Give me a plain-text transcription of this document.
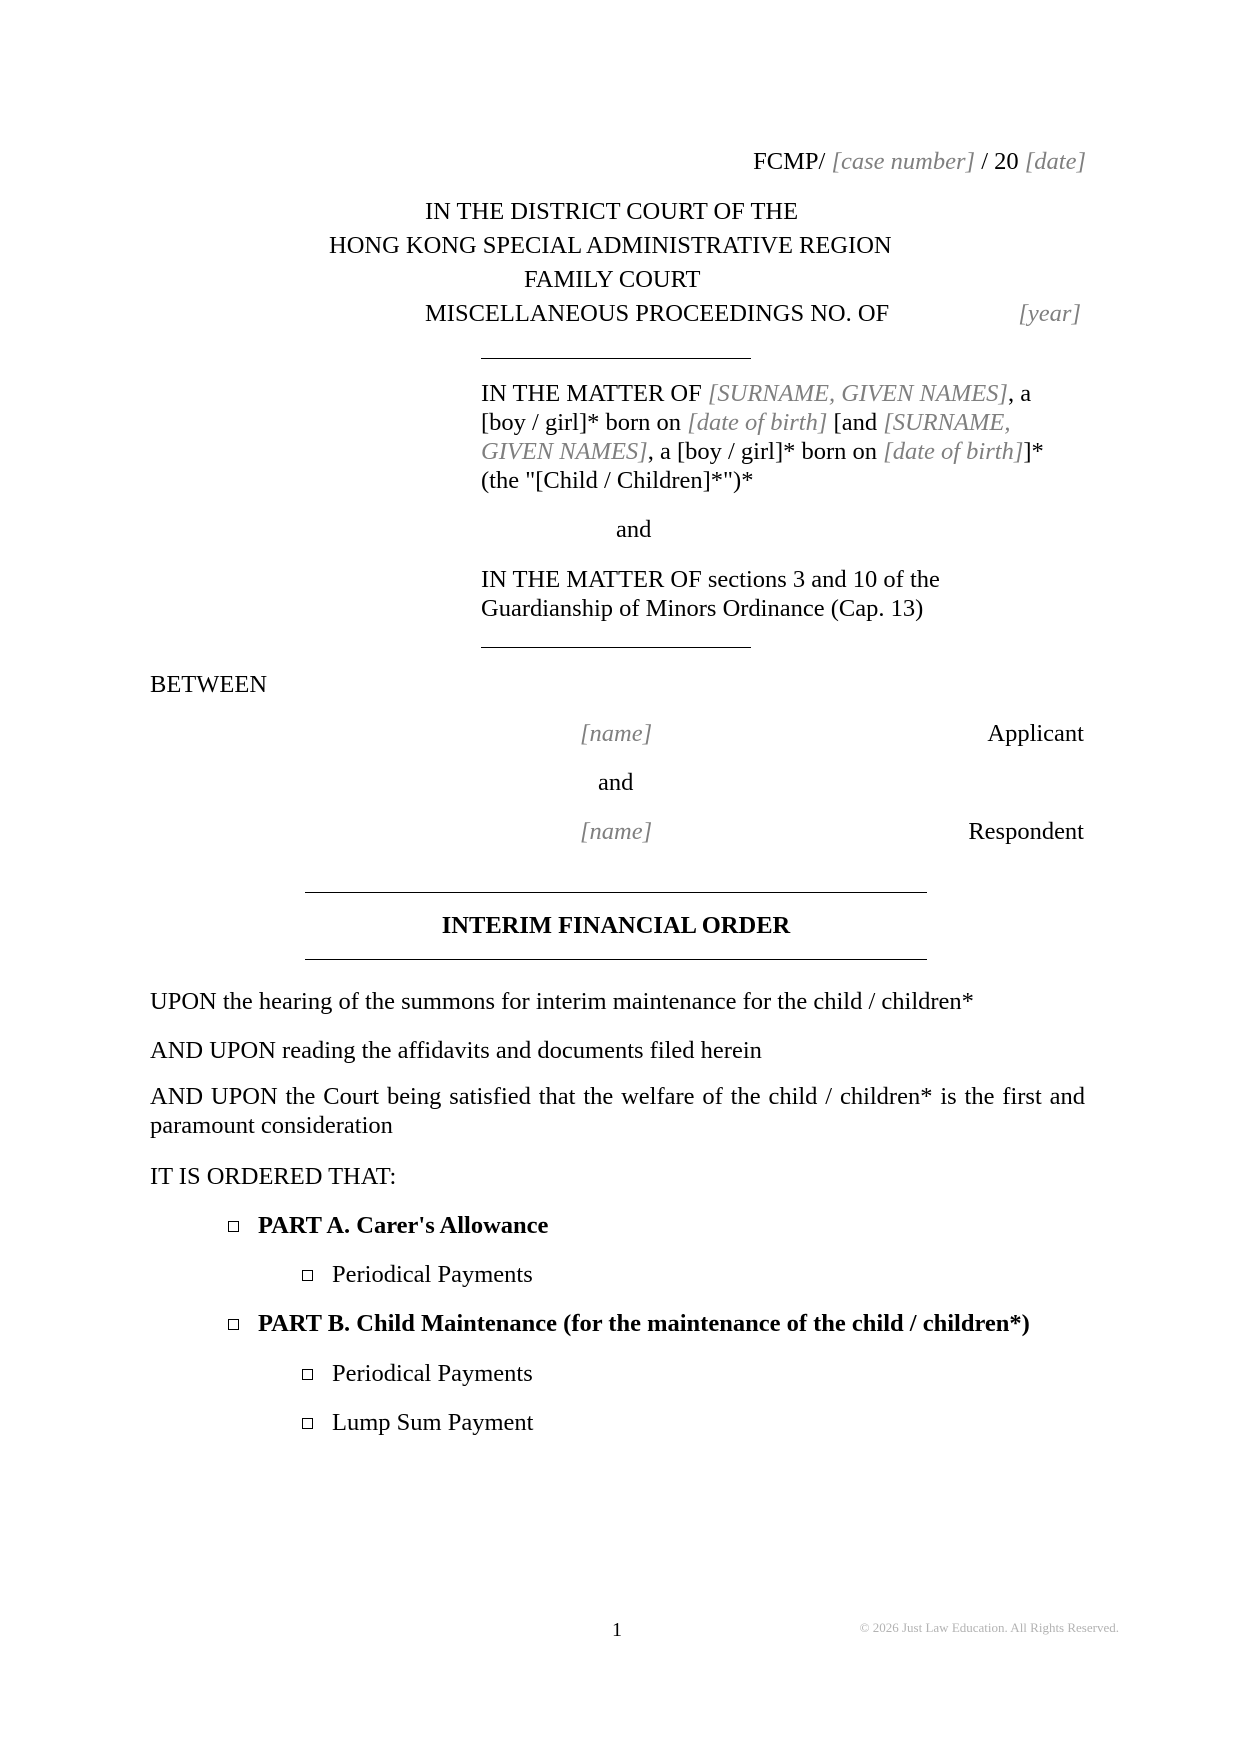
FCMP/ [case number] / 20 [date]
IN THE DISTRICT COURT OF THE
HONG KONG SPECIAL ADMINISTRATIVE REGION
FAMILY COURT
MISCELLANEOUS PROCEEDINGS NO. OF	[year]
IN THE MATTER OF [SURNAME, GIVEN NAMES], a
[boy / girl]* born on [date of birth] [and [SURNAME,
GIVEN NAMES], a [boy / girl]* born on [date of birth]]*
(the "[Child / Children]*")*
and
IN THE MATTER OF sections 3 and 10 of the
Guardianship of Minors Ordinance (Cap. 13)
BETWEEN
[name]	Applicant
and
[name]	Respondent
INTERIM FINANCIAL ORDER
UPON the hearing of the summons for interim maintenance for the child / children*
AND UPON reading the affidavits and documents filed herein
AND UPON the Court being satisfied that the welfare of the child / children* is the first and paramount consideration
IT IS ORDERED THAT:
PART A. Carer's Allowance
Periodical Payments
PART B. Child Maintenance (for the maintenance of the child / children*)
Periodical Payments
Lump Sum Payment
1	© 2026 Just Law Education. All Rights Reserved.
